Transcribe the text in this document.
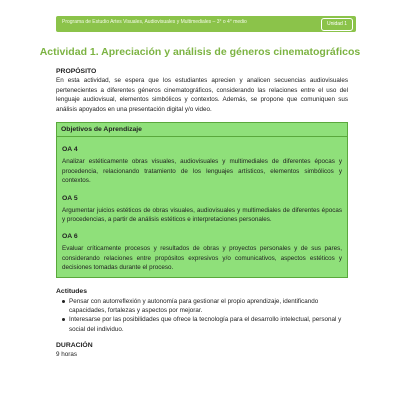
Programa de Estudio Artes Visuales, Audiovisuales y Multimediales – 3° o 4° medio	Unidad 1
Actividad 1. Apreciación y análisis de géneros cinematográficos
PROPÓSITO

En esta actividad, se espera que los estudiantes aprecien y analicen secuencias audiovisuales pertenecientes a diferentes géneros cinematográficos, considerando las relaciones entre el uso del lenguaje audiovisual, elementos simbólicos y contextos. Además, se propone que comuniquen sus análisis apoyados en una presentación digital y/o video.

Objetivos de Aprendizaje
OA 4

Analizar estéticamente obras visuales, audiovisuales y multimediales de diferentes épocas y procedencia, relacionando tratamiento de los lenguajes artísticos, elementos simbólicos y contextos.

OA 5

Argumentar juicios estéticos de obras visuales, audiovisuales y multimediales de diferentes épocas y procedencias, a partir de análisis estéticos e interpretaciones personales.

OA 6

Evaluar críticamente procesos y resultados de obras y proyectos personales y de sus pares, considerando relaciones entre propósitos expresivos y/o comunicativos, aspectos estéticos y decisiones tomadas durante el proceso.

Actitudes
Pensar con autorreflexión y autonomía para gestionar el propio aprendizaje, identificando capacidades, fortalezas y aspectos por mejorar.
Interesarse por las posibilidades que ofrece la tecnología para el desarrollo intelectual, personal y social del individuo.
DURACIÓN
9 horas
